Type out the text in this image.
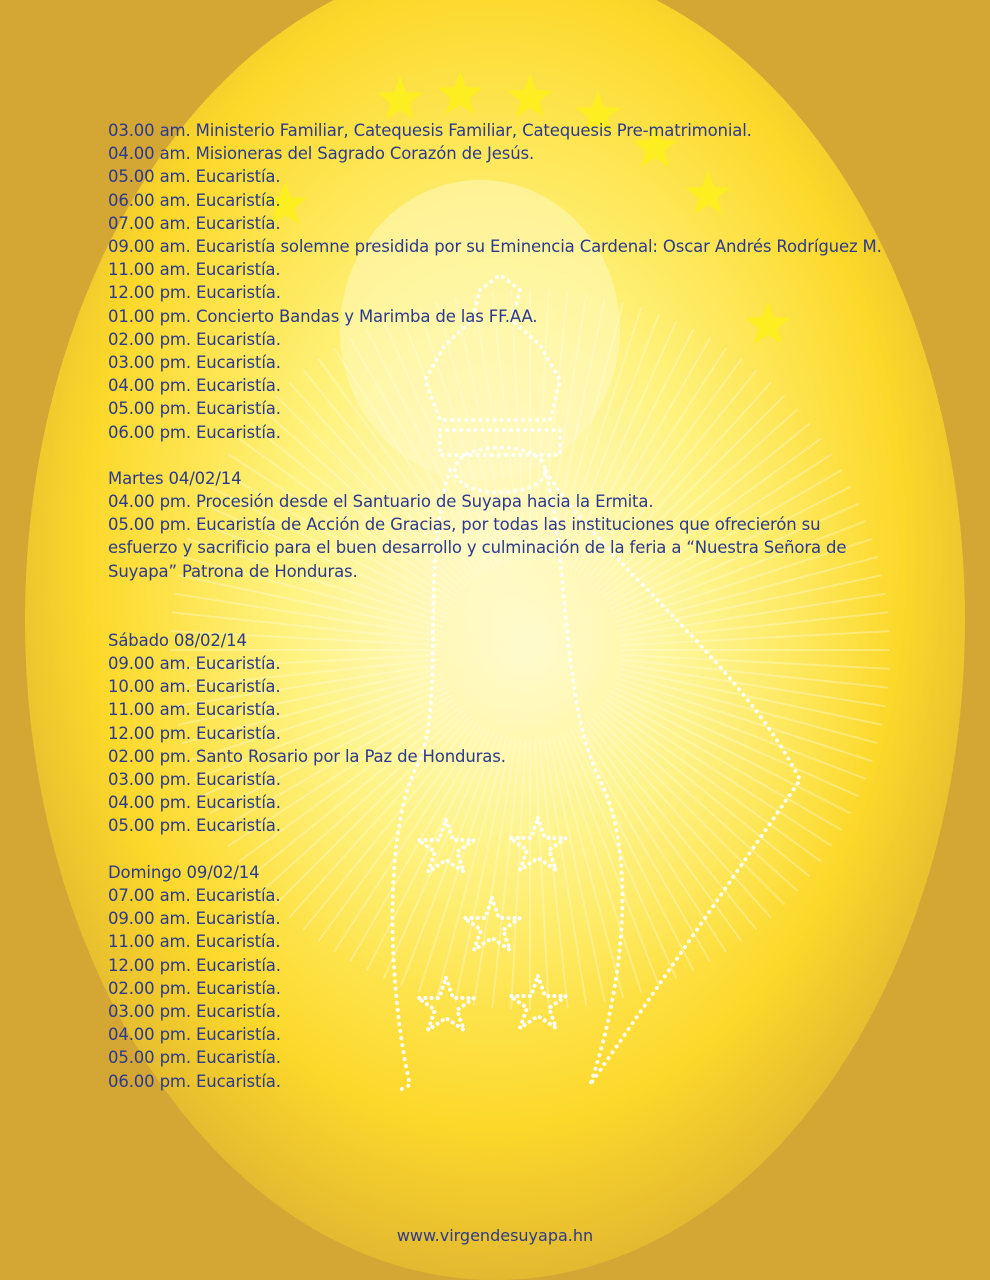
03.00 am. Ministerio Familiar, Catequesis Familiar, Catequesis Pre-matrimonial.
04.00 am. Misioneras del Sagrado Corazón de Jesús.
05.00 am. Eucaristía.
06.00 am. Eucaristía.
07.00 am. Eucaristía.
09.00 am. Eucaristía solemne presidida por su Eminencia Cardenal: Oscar Andrés Rodríguez M.
11.00 am. Eucaristía.
12.00 pm. Eucaristía.
01.00 pm. Concierto Bandas y Marimba de las FF.AA.
02.00 pm. Eucaristía.
03.00 pm. Eucaristía.
04.00 pm. Eucaristía.
05.00 pm. Eucaristía.
06.00 pm. Eucaristía.
Martes 04/02/14
04.00 pm. Procesión desde el Santuario de Suyapa hacia la Ermita.
05.00 pm. Eucaristía de Acción de Gracias, por todas las instituciones que ofrecierón su esfuerzo y sacrificio para el buen desarrollo y culminación de la feria a “Nuestra Señora de Suyapa” Patrona de Honduras.
Sábado 08/02/14
09.00 am. Eucaristía.
10.00 am. Eucaristía.
11.00 am. Eucaristía.
12.00 pm. Eucaristía.
02.00 pm. Santo Rosario por la Paz de Honduras.
03.00 pm. Eucaristía.
04.00 pm. Eucaristía.
05.00 pm. Eucaristía.
Domingo 09/02/14
07.00 am. Eucaristía.
09.00 am. Eucaristía.
11.00 am. Eucaristía.
12.00 pm. Eucaristía.
02.00 pm. Eucaristía.
03.00 pm. Eucaristía.
04.00 pm. Eucaristía.
05.00 pm. Eucaristía.
06.00 pm. Eucaristía.
www.virgendesuyapa.hn
